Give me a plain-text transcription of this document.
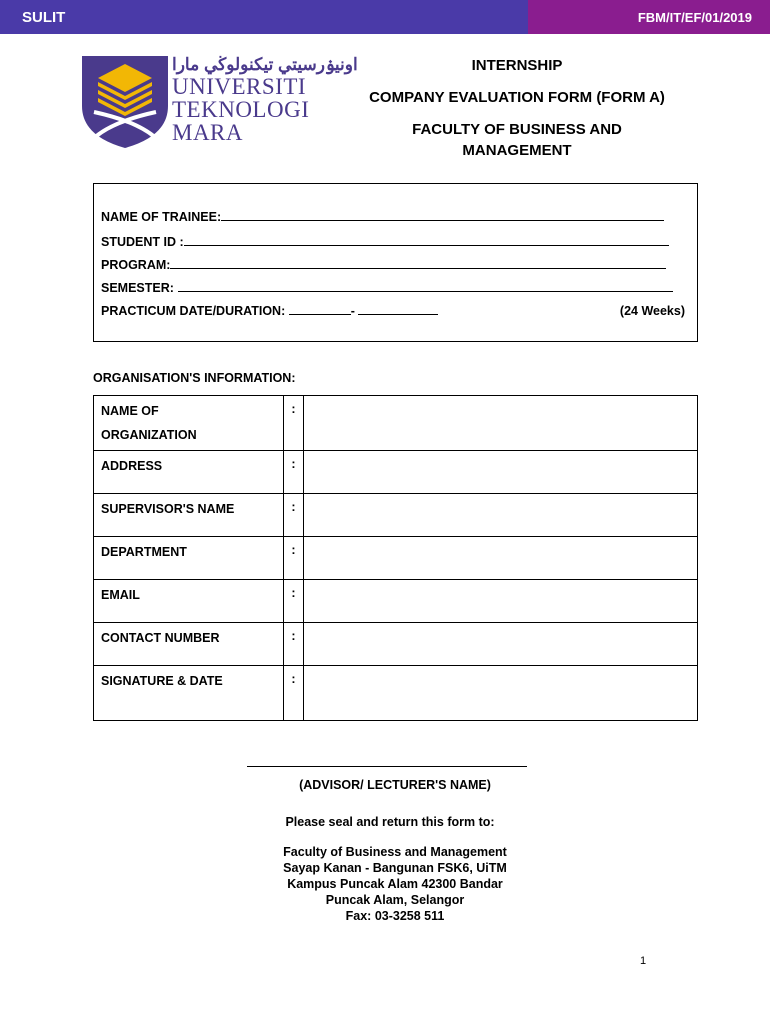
SULIT	FBM/IT/EF/01/2019
اونيۏرسيتي تيكنولوڬي مارا
UNIVERSITI
TEKNOLOGI
MARA
INTERNSHIP
COMPANY EVALUATION FORM (FORM A)
FACULTY OF BUSINESS AND
MANAGEMENT
NAME OF TRAINEE:
STUDENT ID :
PROGRAM:
SEMESTER:
PRACTICUM DATE/DURATION:	-	(24 Weeks)
ORGANISATION'S INFORMATION:
NAME OF
ORGANIZATION	:	
ADDRESS	:	
SUPERVISOR'S NAME	:	
DEPARTMENT	:	
EMAIL	:	
CONTACT NUMBER	:	
SIGNATURE & DATE	:	
(ADVISOR/ LECTURER'S NAME)
Please seal and return this form to:
Faculty of Business and Management
Sayap Kanan - Bangunan FSK6, UiTM
Kampus Puncak Alam 42300 Bandar
Puncak Alam, Selangor
Fax: 03-3258 511
1
